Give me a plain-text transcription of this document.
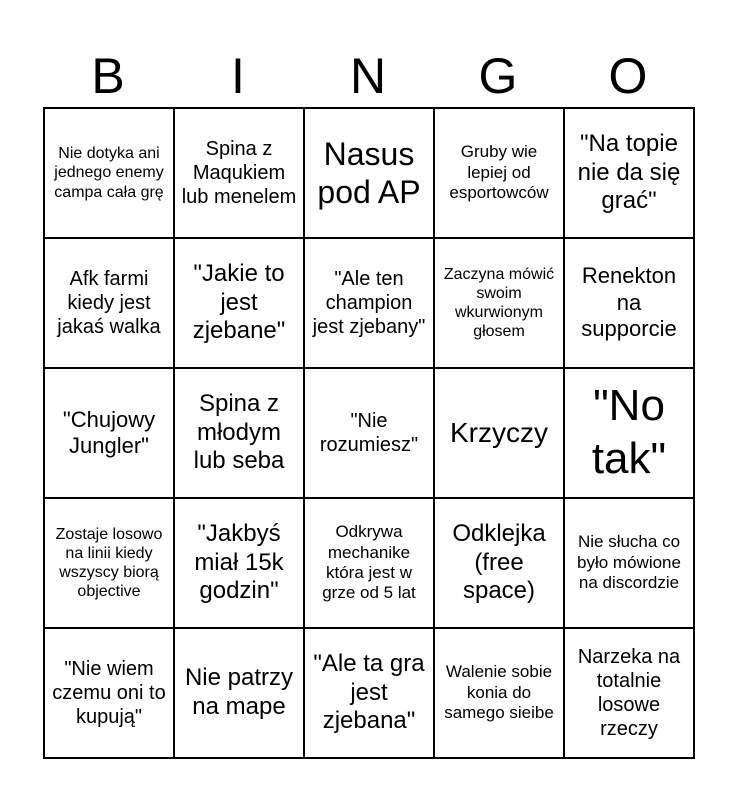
B	I	N	G	O
Nie dotyka ani jednego enemy campa cała grę	Spina z Maqukiem lub menelem	Nasus pod AP	Gruby wie lepiej od esportowców	"Na topie nie da się grać"
Afk farmi kiedy jest jakaś walka	"Jakie to jest zjebane"	"Ale ten champion jest zjebany"	Zaczyna mówić swoim wkurwionym głosem	Renekton na supporcie
"Chujowy Jungler"	Spina z młodym lub seba	"Nie rozumiesz"	Krzyczy	"No tak"
Zostaje losowo na linii kiedy wszyscy biorą objective	"Jakbyś miał 15k godzin"	Odkrywa mechanike która jest w grze od 5 lat	Odklejka (free space)	Nie słucha co było mówione na discordzie
"Nie wiem czemu oni to kupują"	Nie patrzy na mape	"Ale ta gra jest zjebana"	Walenie sobie konia do samego sieibe	Narzeka na totalnie losowe rzeczy
